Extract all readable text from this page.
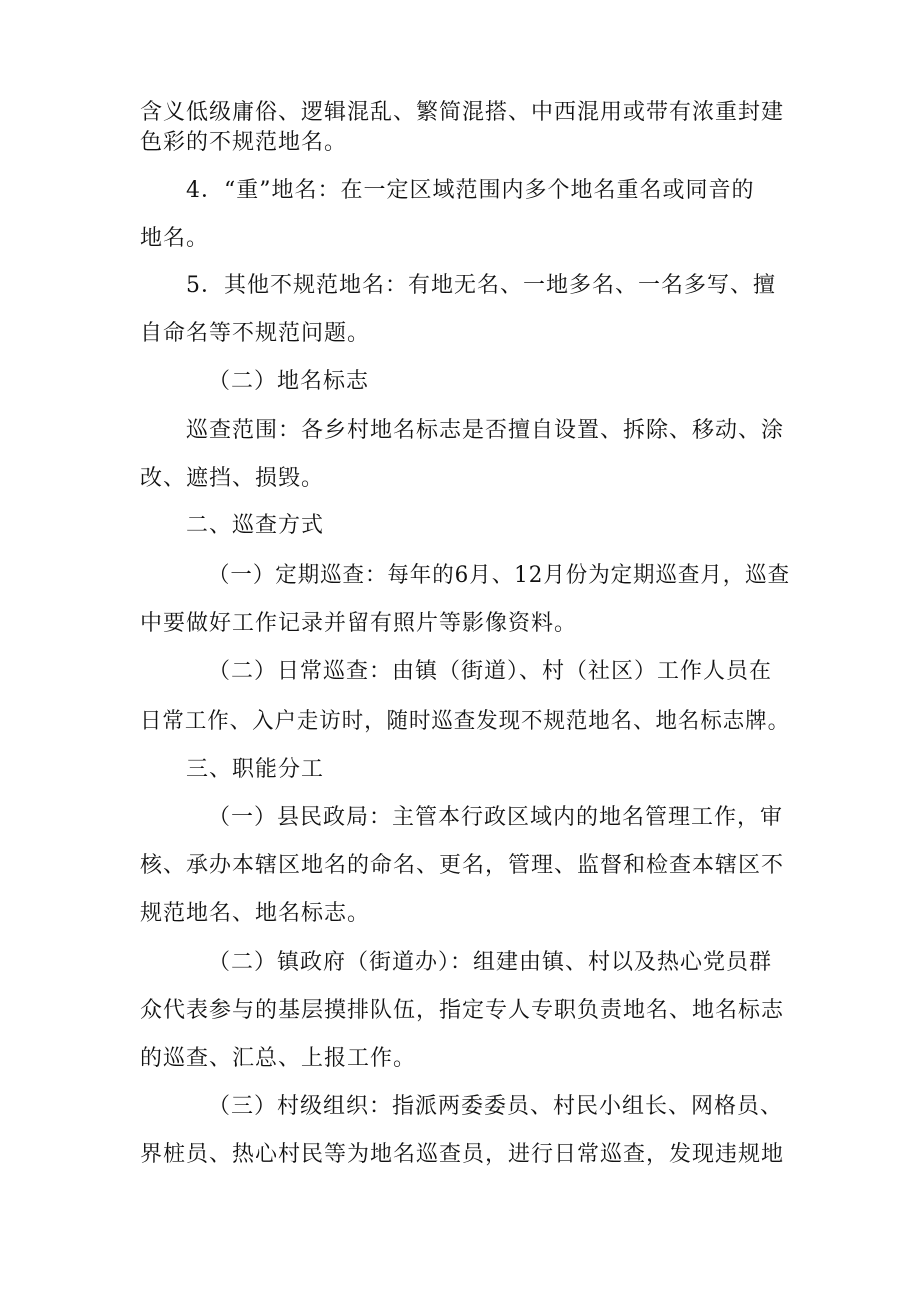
含义低级庸俗、逻辑混乱、繁简混搭、中西混用或带有浓重封建
色彩的不规范地名。
4．“重”地名：在一定区域范围内多个地名重名或同音的
地名。
5．其他不规范地名：有地无名、一地多名、一名多写、擅
自命名等不规范问题。
（二）地名标志
巡查范围：各乡村地名标志是否擅自设置、拆除、移动、涂
改、遮挡、损毁。
二、巡查方式
（一）定期巡查：每年的6月、12月份为定期巡查月，巡查
中要做好工作记录并留有照片等影像资料。
（二）日常巡查：由镇（街道）、村（社区）工作人员在
日常工作、入户走访时，随时巡查发现不规范地名、地名标志牌。
三、职能分工
（一）县民政局：主管本行政区域内的地名管理工作，审
核、承办本辖区地名的命名、更名，管理、监督和检查本辖区不
规范地名、地名标志。
（二）镇政府（街道办）：组建由镇、村以及热心党员群
众代表参与的基层摸排队伍，指定专人专职负责地名、地名标志
的巡查、汇总、上报工作。
（三）村级组织：指派两委委员、村民小组长、网格员、
界桩员、热心村民等为地名巡查员，进行日常巡查，发现违规地
